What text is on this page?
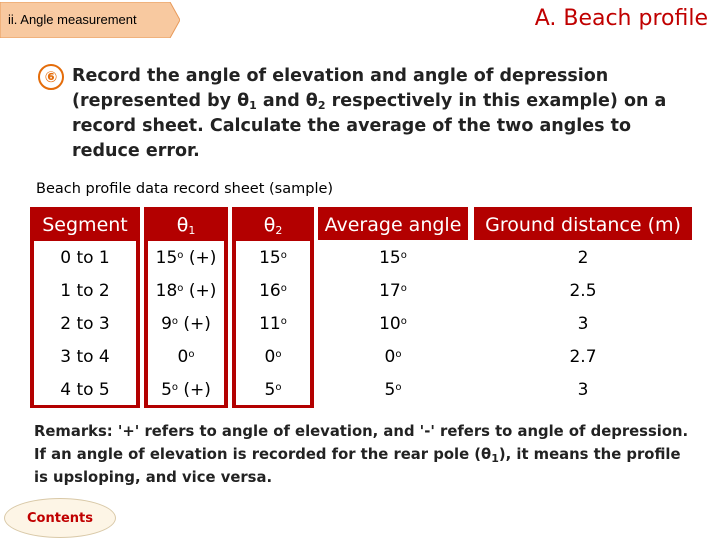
ii. Angle measurement	A. Beach profile
⑥ Record the angle of elevation and angle of depression (represented by $\theta_1$ and $\theta_2$ respectively in this example) on a record sheet. Calculate the average of the two angles to reduce error.
Beach profile data record sheet (sample)
Segment	$\theta_1$	$\theta_2$	Average angle	Ground distance (m)
0 to 1	15$^o$ (+)	15$^o$	15$^o$	2
1 to 2	18$^o$ (+)	16$^o$	17$^o$	2.5
2 to 3	9$^o$ (+)	11$^o$	10$^o$	3
3 to 4	0$^o$	0$^o$	0$^o$	2.7
4 to 5	5$^o$ (+)	5$^o$	5$^o$	3
Remarks: '+' refers to angle of elevation, and '-' refers to angle of depression. If an angle of elevation is recorded for the rear pole $(\theta_1)$, it means the profile is upsloping, and vice versa.
Contents
